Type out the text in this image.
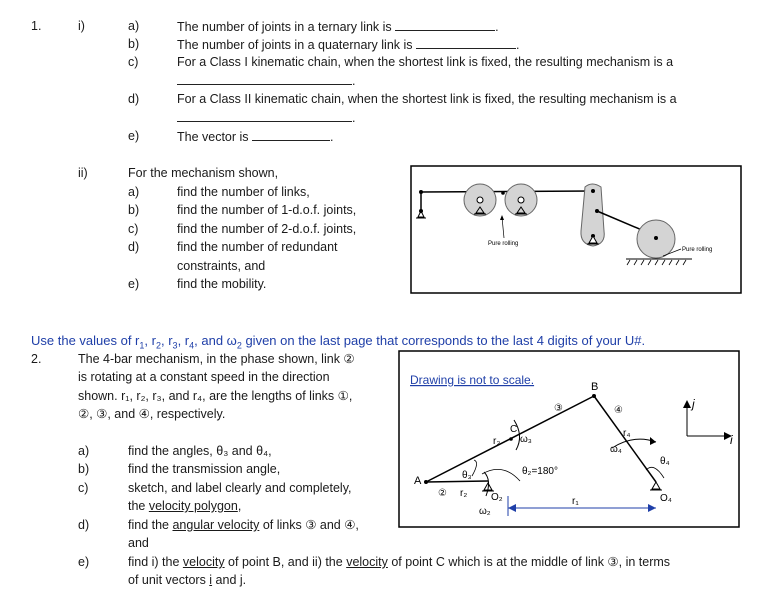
1.	i)	a)	The number of joints in a ternary link is	.
b)	The number of joints in a quaternary link is	.
c)	For a Class I kinematic chain, when the shortest link is fixed, the resulting mechanism is a
.
d)	For a Class II kinematic chain, when the shortest link is fixed, the resulting mechanism is a
.
e)	The vector is	.
ii)	For the mechanism shown,
a)	find the number of links,
b)	find the number of 1-d.o.f. joints,
c)	find the number of 2-d.o.f. joints,
d)	find the number of redundant
constraints, and
e)	find the mobility.
Pure rolling
Pure rolling
Use the values of $r_1$, $r_2$, $r_3$, $r_4$, and $\omega_2$ given on the last page that corresponds to the last 4 digits of your U#.
2.	The 4-bar mechanism, in the phase shown, link ②
is rotating at a constant speed in the direction
shown. r₁, r₂, r₃, and r₄, are the lengths of links ①,
②, ③, and ④, respectively.
a)	find the angles, θ₃ and θ₄,
b)	find the transmission angle,
c)	sketch, and label clearly and completely,
the velocity polygon,
d)	find the angular velocity of links ③ and ④,
and
e)	find i) the velocity of point B, and ii) the velocity of point C which is at the middle of link ③, in terms
of unit vectors i and j.
Drawing is not to scale.
A
B
C
O₂	O₄
③	④
②
r₃
r₄
r₂
r₁
ω₄
ω₃
ω₂
θ₂=180°
θ₃
θ₄
i
j
